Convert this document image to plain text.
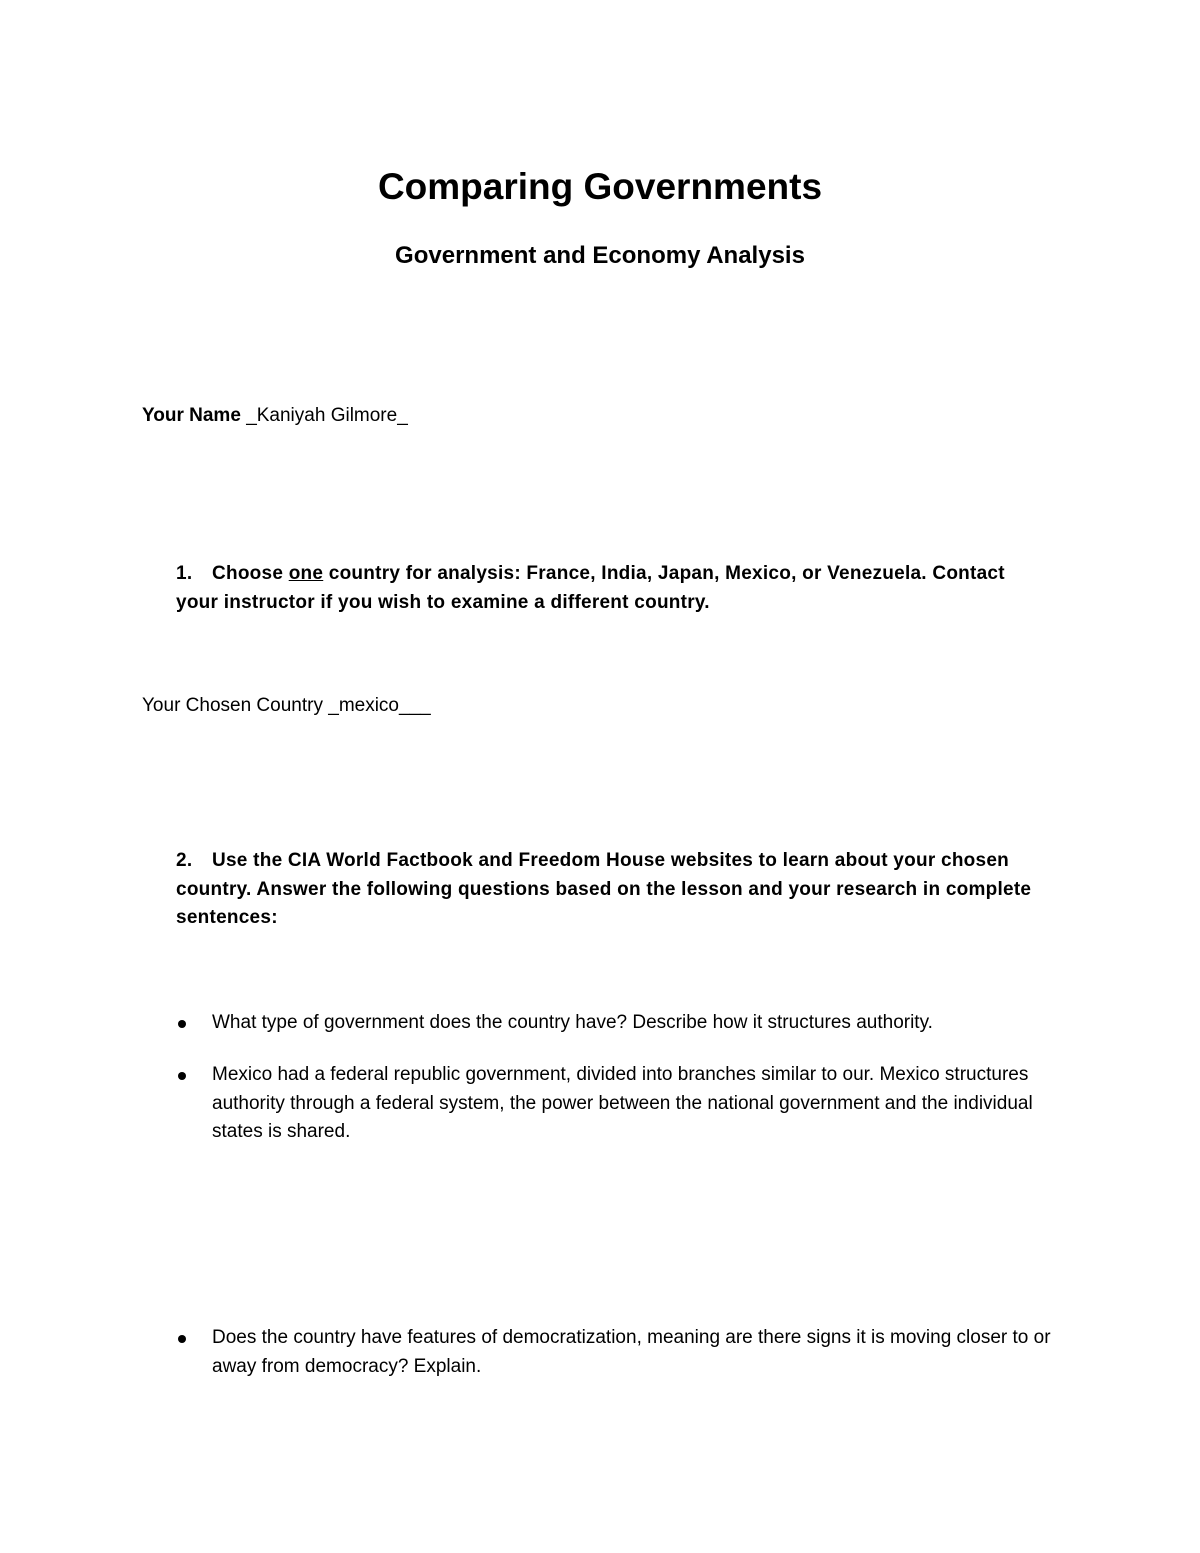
Comparing Governments
Government and Economy Analysis
Your Name _Kaniyah Gilmore_
1.	Choose one country for analysis: France, India, Japan, Mexico, or Venezuela. Contact your instructor if you wish to examine a different country.
Your Chosen Country _mexico___
2.	Use the CIA World Factbook and Freedom House websites to learn about your chosen country. Answer the following questions based on the lesson and your research in complete sentences:
What type of government does the country have? Describe how it structures authority.
Mexico had a federal republic government, divided into branches similar to our. Mexico structures authority through a federal system, the power between the national government and the individual states is shared.
Does the country have features of democratization, meaning are there signs it is moving closer to or away from democracy? Explain.
